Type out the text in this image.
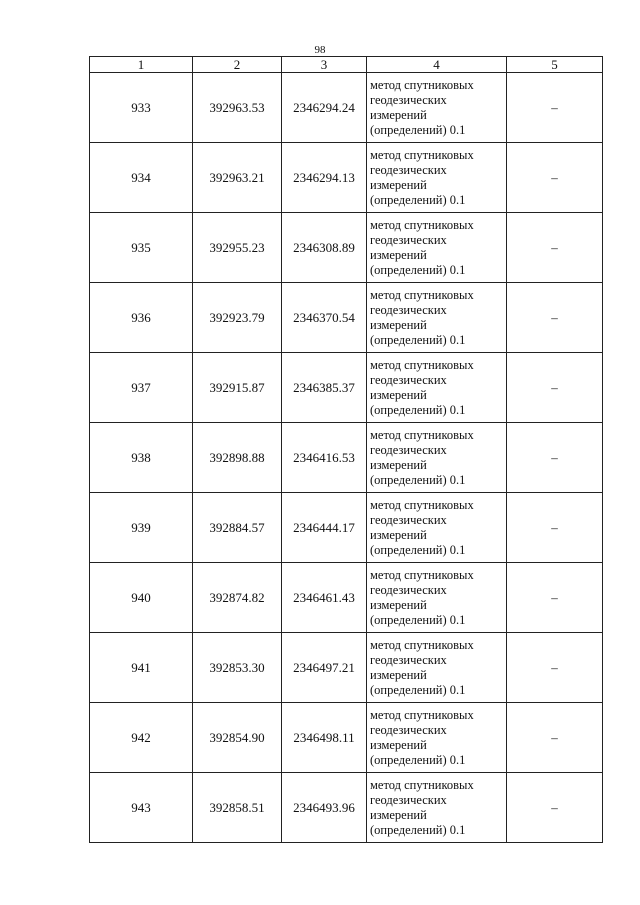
98
1	2	3	4	5
933	392963.53	2346294.24	метод спутниковых
геодезических
измерений
(определений) 0.1	–
934	392963.21	2346294.13	метод спутниковых
геодезических
измерений
(определений) 0.1	–
935	392955.23	2346308.89	метод спутниковых
геодезических
измерений
(определений) 0.1	–
936	392923.79	2346370.54	метод спутниковых
геодезических
измерений
(определений) 0.1	–
937	392915.87	2346385.37	метод спутниковых
геодезических
измерений
(определений) 0.1	–
938	392898.88	2346416.53	метод спутниковых
геодезических
измерений
(определений) 0.1	–
939	392884.57	2346444.17	метод спутниковых
геодезических
измерений
(определений) 0.1	–
940	392874.82	2346461.43	метод спутниковых
геодезических
измерений
(определений) 0.1	–
941	392853.30	2346497.21	метод спутниковых
геодезических
измерений
(определений) 0.1	–
942	392854.90	2346498.11	метод спутниковых
геодезических
измерений
(определений) 0.1	–
943	392858.51	2346493.96	метод спутниковых
геодезических
измерений
(определений) 0.1	–
